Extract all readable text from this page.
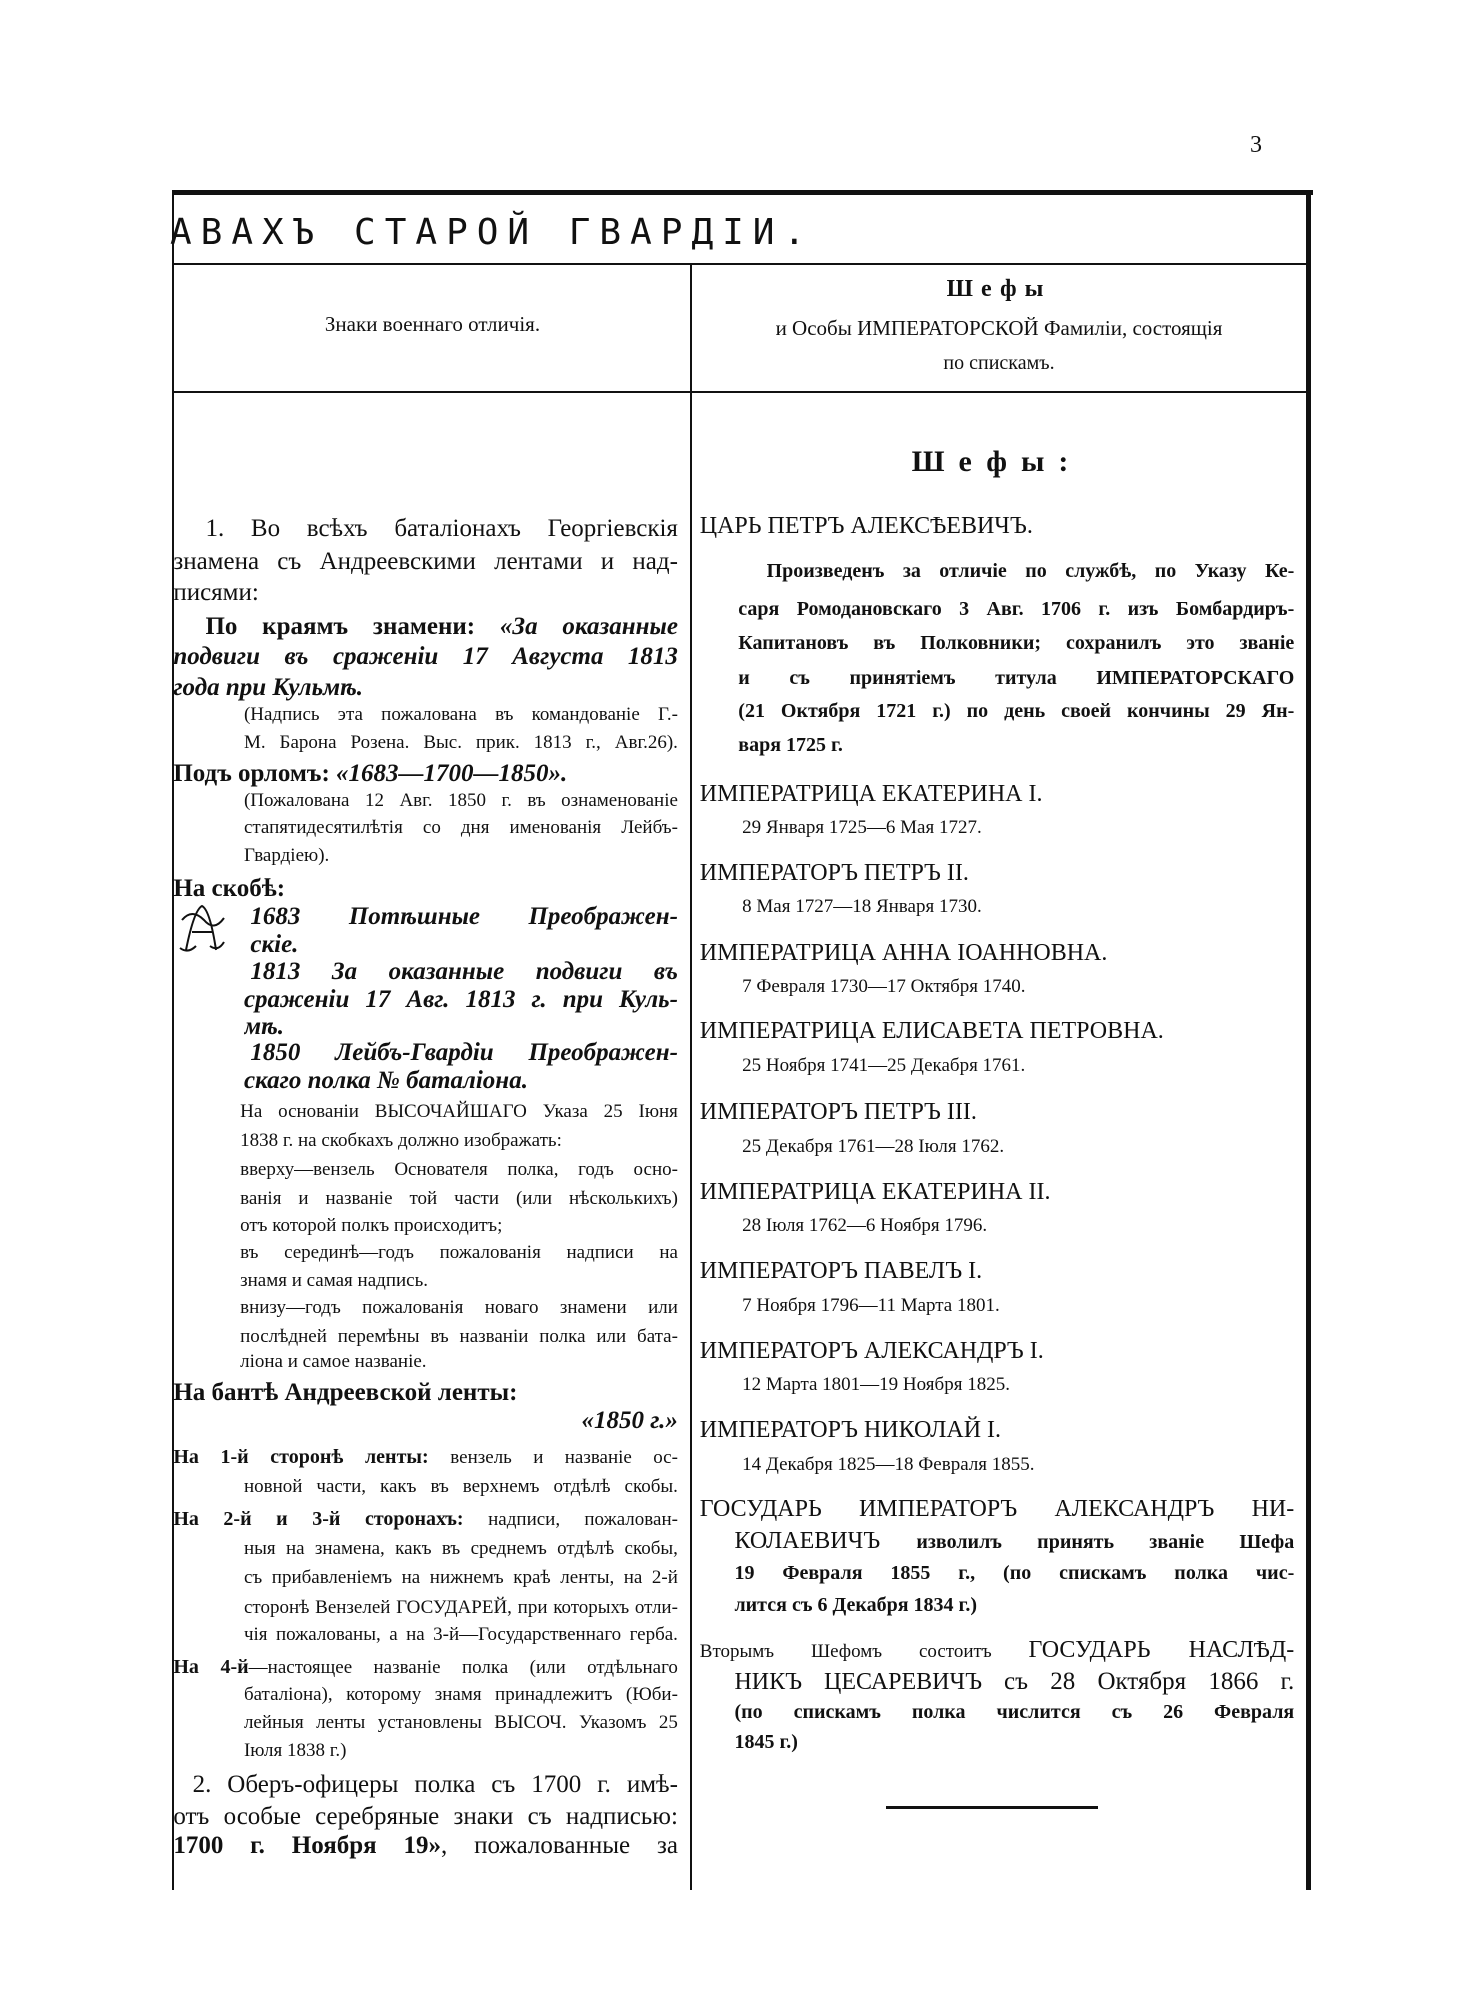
3
АВАХЪ СТАРОЙ ГВАРДІИ.
Знаки военнаго отличія.
Шефы
и Особы ИМПЕРАТОРСКОЙ Фамиліи, состоящія
по спискамъ.
1. Во всѣхъ баталіонахъ Георгіевскія
знамена съ Андреевскими лентами и над-
писями:
По краямъ знамени: «За оказанные
подвиги въ сраженіи 17 Августа 1813
года при Кульмѣ.
(Надпись эта пожалована въ командованіе Г.-
М. Барона Розена. Выс. прик. 1813 г., Авг.26).
Подъ орломъ: «1683—1700—1850».
(Пожалована 12 Авг. 1850 г. въ ознаменованіе
стапятидесятилѣтія со дня именованія Лейбъ-
Гвардіею).
На скобѣ:
1683 Потѣшные Преображен-
скіе.
1813 За оказанные подвиги въ
сраженіи 17 Авг. 1813 г. при Куль-
мѣ.
1850 Лейбъ-Гвардіи Преображен-
скаго полка № баталіона.
На основаніи ВЫСОЧАЙШАГО Указа 25 Іюня
1838 г. на скобкахъ должно изображать:
вверху—вензель Основателя полка, годъ осно-
ванія и названіе той части (или нѣсколькихъ)
отъ которой полкъ происходитъ;
въ серединѣ—годъ пожалованія надписи на
знамя и самая надпись.
внизу—годъ пожалованія новаго знамени или
послѣдней перемѣны въ названіи полка или бата-
ліона и самое названіе.
На бантѣ Андреевской ленты:
«1850 г.»
На 1-й сторонѣ ленты: вензель и названіе ос-
новной части, какъ въ верхнемъ отдѣлѣ скобы.
На 2-й и 3-й сторонахъ: надписи, пожалован-
ныя на знамена, какъ въ среднемъ отдѣлѣ скобы,
съ прибавленіемъ на нижнемъ краѣ ленты, на 2-й
сторонѣ Вензелей ГОСУДАРЕЙ, при которыхъ отли-
чія пожалованы, а на 3-й—Государственнаго герба.
На 4-й—настоящее названіе полка (или отдѣльнаго
баталіона), которому знамя принадлежитъ (Юби-
лейныя ленты установлены ВЫСОЧ. Указомъ 25
Іюля 1838 г.)
2. Оберъ-офицеры полка съ 1700 г. имѣ-
отъ особые серебряные знаки съ надписью:
1700 г. Ноября 19», пожалованные за
Шефы:
ЦАРЬ ПЕТРЪ АЛЕКСѢЕВИЧЪ.
Произведенъ за отличіе по службѣ, по Указу Ке-
саря Ромодановскаго 3 Авг. 1706 г. изъ Бомбардиръ-
Капитановъ въ Полковники; сохранилъ это званіе
и съ принятіемъ титула ИМПЕРАТОРСКАГО
(21 Октября 1721 г.) по день своей кончины 29 Ян-
варя 1725 г.
ИМПЕРАТРИЦА ЕКАТЕРИНА I.
29 Января 1725—6 Мая 1727.
ИМПЕРАТОРЪ ПЕТРЪ II.
8 Мая 1727—18 Января 1730.
ИМПЕРАТРИЦА АННА ІОАННОВНА.
7 Февраля 1730—17 Октября 1740.
ИМПЕРАТРИЦА ЕЛИСАВЕТА ПЕТРОВНА.
25 Ноября 1741—25 Декабря 1761.
ИМПЕРАТОРЪ ПЕТРЪ III.
25 Декабря 1761—28 Іюля 1762.
ИМПЕРАТРИЦА ЕКАТЕРИНА II.
28 Іюля 1762—6 Ноября 1796.
ИМПЕРАТОРЪ ПАВЕЛЪ I.
7 Ноября 1796—11 Марта 1801.
ИМПЕРАТОРЪ АЛЕКСАНДРЪ I.
12 Марта 1801—19 Ноября 1825.
ИМПЕРАТОРЪ НИКОЛАЙ I.
14 Декабря 1825—18 Февраля 1855.
ГОСУДАРЬ ИМПЕРАТОРЪ АЛЕКСАНДРЪ НИ-
КОЛАЕВИЧЪ изволилъ принять званіе Шефа
19 Февраля 1855 г., (по спискамъ полка чис-
лится съ 6 Декабря 1834 г.)
Вторымъ Шефомъ состоитъ ГОСУДАРЬ НАСЛѢД-
НИКЪ ЦЕСАРЕВИЧЪ съ 28 Октября 1866 г.
(по спискамъ полка числится съ 26 Февраля
1845 г.)
